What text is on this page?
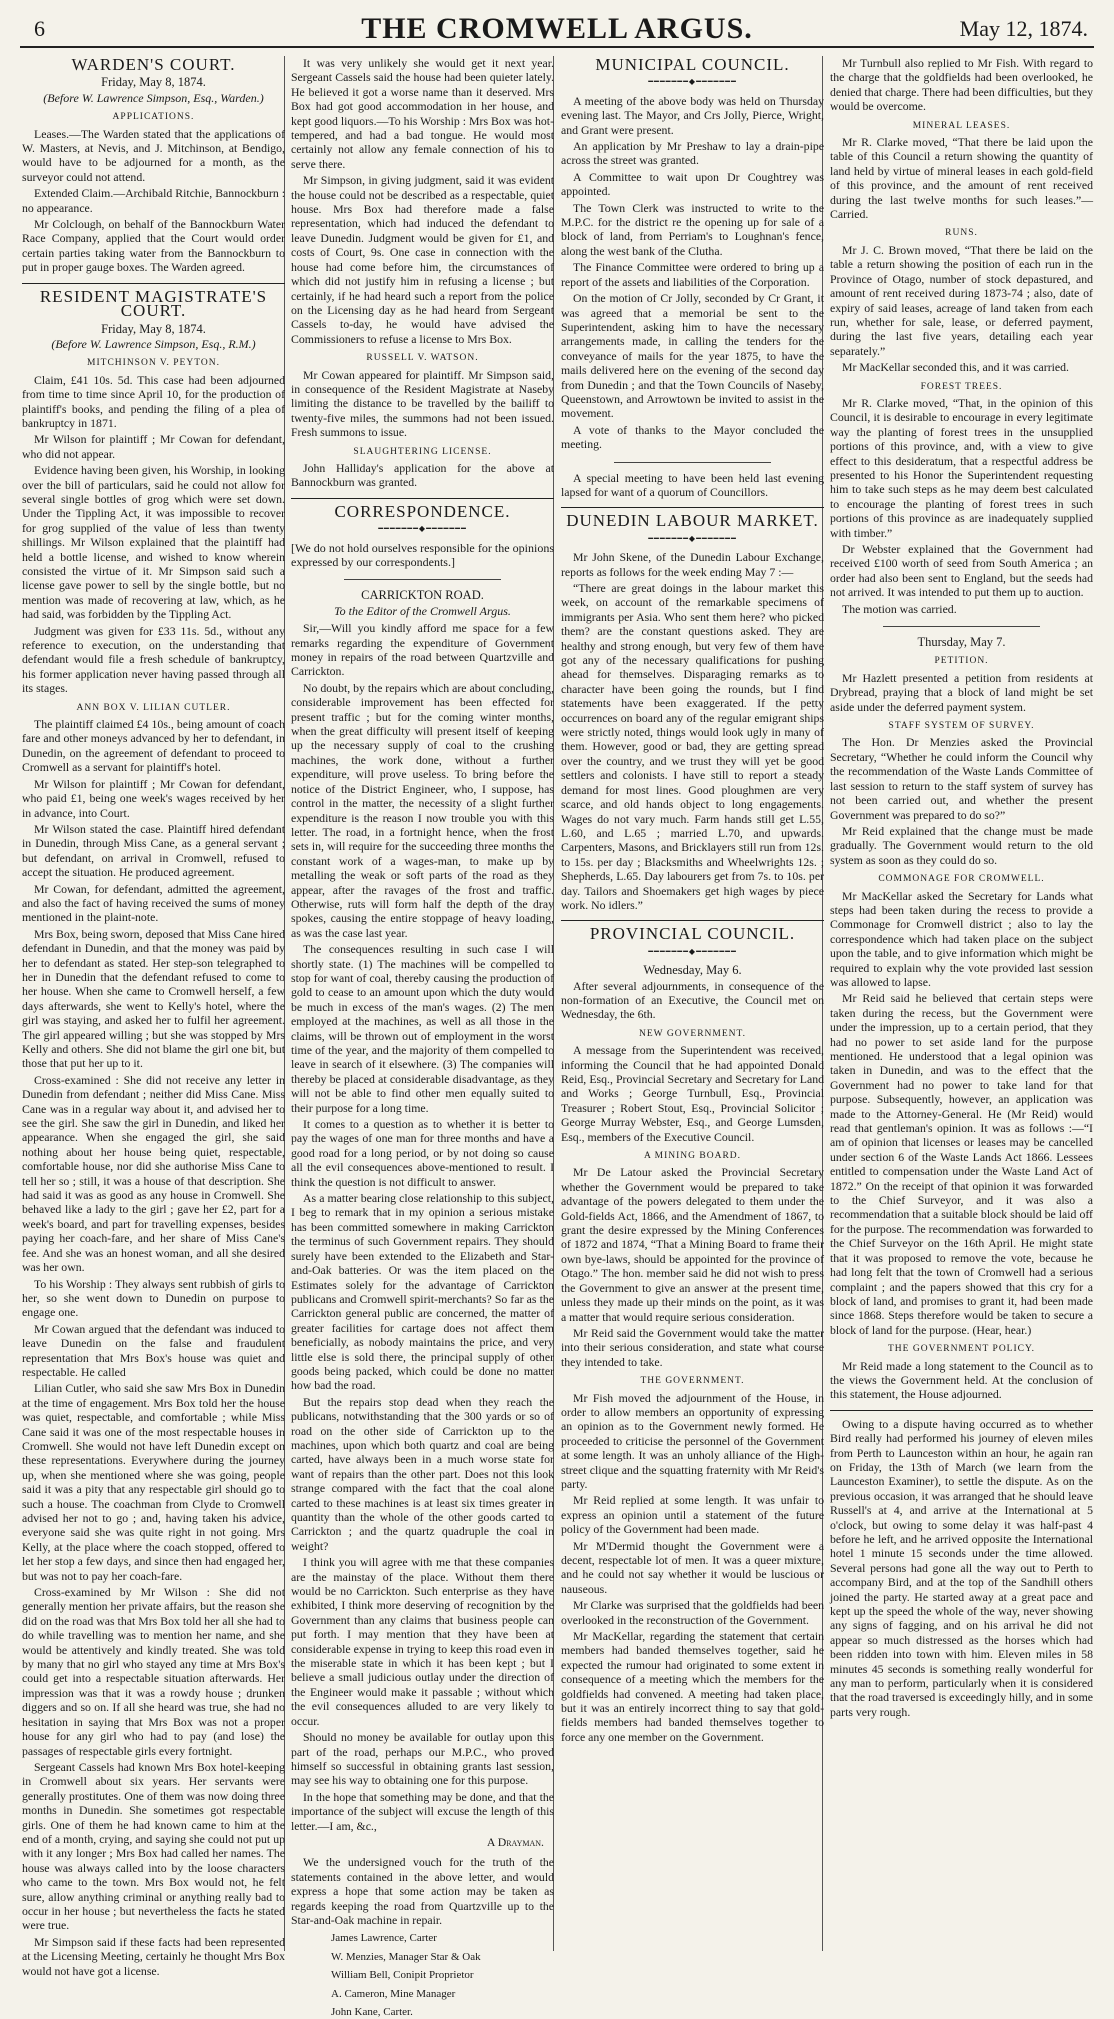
6	THE CROMWELL ARGUS.	May 12, 1874.
WARDEN'S COURT.
Friday, May 8, 1874.
(Before W. Lawrence Simpson, Esq., Warden.)
APPLICATIONS.

Leases.—The Warden stated that the applications of W. Masters, at Nevis, and J. Mitchinson, at Bendigo, would have to be adjourned for a month, as the surveyor could not attend.

Extended Claim.—Archibald Ritchie, Bannockburn : no appearance.

Mr Colclough, on behalf of the Bannockburn Water Race Company, applied that the Court would order certain parties taking water from the Bannockburn to put in proper gauge boxes. The Warden agreed.

RESIDENT MAGISTRATE'S COURT.
Friday, May 8, 1874.
(Before W. Lawrence Simpson, Esq., R.M.)
MITCHINSON V. PEYTON.

Claim, £41 10s. 5d. This case had been adjourned from time to time since April 10, for the production of plaintiff's books, and pending the filing of a plea of bankruptcy in 1871.

Mr Wilson for plaintiff ; Mr Cowan for defendant, who did not appear.

Evidence having been given, his Worship, in looking over the bill of particulars, said he could not allow for several single bottles of grog which were set down. Under the Tippling Act, it was impossible to recover for grog supplied of the value of less than twenty shillings. Mr Wilson explained that the plaintiff had held a bottle license, and wished to know wherein consisted the virtue of it. Mr Simpson said such a license gave power to sell by the single bottle, but no mention was made of recovering at law, which, as he had said, was forbidden by the Tippling Act.

Judgment was given for £33 11s. 5d., without any reference to execution, on the understanding that defendant would file a fresh schedule of bankruptcy, his former application never having passed through all its stages.

ANN BOX V. LILIAN CUTLER.

The plaintiff claimed £4 10s., being amount of coach fare and other moneys advanced by her to defendant, in Dunedin, on the agreement of defendant to proceed to Cromwell as a servant for plaintiff's hotel.

Mr Wilson for plaintiff ; Mr Cowan for defendant, who paid £1, being one week's wages received by her in advance, into Court.

Mr Wilson stated the case. Plaintiff hired defendant in Dunedin, through Miss Cane, as a general servant ; but defendant, on arrival in Cromwell, refused to accept the situation. He produced agreement.

Mr Cowan, for defendant, admitted the agreement, and also the fact of having received the sums of money mentioned in the plaint-note.

Mrs Box, being sworn, deposed that Miss Cane hired defendant in Dunedin, and that the money was paid by her to defendant as stated. Her step-son telegraphed to her in Dunedin that the defendant refused to come to her house. When she came to Cromwell herself, a few days afterwards, she went to Kelly's hotel, where the girl was staying, and asked her to fulfil her agreement. The girl appeared willing ; but she was stopped by Mrs Kelly and others. She did not blame the girl one bit, but those that put her up to it.

Cross-examined : She did not receive any letter in Dunedin from defendant ; neither did Miss Cane. Miss Cane was in a regular way about it, and advised her to see the girl. She saw the girl in Dunedin, and liked her appearance. When she engaged the girl, she said nothing about her house being quiet, respectable, comfortable house, nor did she authorise Miss Cane to tell her so ; still, it was a house of that description. She had said it was as good as any house in Cromwell. She behaved like a lady to the girl ; gave her £2, part for a week's board, and part for travelling expenses, besides paying her coach-fare, and her share of Miss Cane's fee. And she was an honest woman, and all she desired was her own.

To his Worship : They always sent rubbish of girls to her, so she went down to Dunedin on purpose to engage one.

Mr Cowan argued that the defendant was induced to leave Dunedin on the false and fraudulent representation that Mrs Box's house was quiet and respectable. He called

Lilian Cutler, who said she saw Mrs Box in Dunedin at the time of engagement. Mrs Box told her the house was quiet, respectable, and comfortable ; while Miss Cane said it was one of the most respectable houses in Cromwell. She would not have left Dunedin except on these representations. Everywhere during the journey up, when she mentioned where she was going, people said it was a pity that any respectable girl should go to such a house. The coachman from Clyde to Cromwell advised her not to go ; and, having taken his advice, everyone said she was quite right in not going. Mrs Kelly, at the place where the coach stopped, offered to let her stop a few days, and since then had engaged her, but was not to pay her coach-fare.

Cross-examined by Mr Wilson : She did not generally mention her private affairs, but the reason she did on the road was that Mrs Box told her all she had to do while travelling was to mention her name, and she would be attentively and kindly treated. She was told by many that no girl who stayed any time at Mrs Box's could get into a respectable situation afterwards. Her impression was that it was a rowdy house ; drunken diggers and so on. If all she heard was true, she had no hesitation in saying that Mrs Box was not a proper house for any girl who had to pay (and lose) the passages of respectable girls every fortnight.

Sergeant Cassels had known Mrs Box hotel-keeping in Cromwell about six years. Her servants were generally prostitutes. One of them was now doing three months in Dunedin. She sometimes got respectable girls. One of them he had known came to him at the end of a month, crying, and saying she could not put up with it any longer ; Mrs Box had called her names. The house was always called into by the loose characters who came to the town. Mrs Box would not, he felt sure, allow anything criminal or anything really bad to occur in her house ; but nevertheless the facts he stated were true.

Mr Simpson said if these facts had been represented at the Licensing Meeting, certainly he thought Mrs Box would not have got a license.

It was very unlikely she would get it next year. Sergeant Cassels said the house had been quieter lately. He believed it got a worse name than it deserved. Mrs Box had got good accommodation in her house, and kept good liquors.—To his Worship : Mrs Box was hot-tempered, and had a bad tongue. He would most certainly not allow any female connection of his to serve there.

Mr Simpson, in giving judgment, said it was evident the house could not be described as a respectable, quiet house. Mrs Box had therefore made a false representation, which had induced the defendant to leave Dunedin. Judgment would be given for £1, and costs of Court, 9s. One case in connection with the house had come before him, the circumstances of which did not justify him in refusing a license ; but certainly, if he had heard such a report from the police on the Licensing day as he had heard from Sergeant Cassels to-day, he would have advised the Commissioners to refuse a license to Mrs Box.

RUSSELL V. WATSON.

Mr Cowan appeared for plaintiff. Mr Simpson said, in consequence of the Resident Magistrate at Naseby limiting the distance to be travelled by the bailiff to twenty-five miles, the summons had not been issued. Fresh summons to issue.

SLAUGHTERING LICENSE.

John Halliday's application for the above at Bannockburn was granted.

CORRESPONDENCE.
━━━━━━━◆━━━━━━━

[We do not hold ourselves responsible for the opinions expressed by our correspondents.]

CARRICKTON ROAD.
To the Editor of the Cromwell Argus.

Sir,—Will you kindly afford me space for a few remarks regarding the expenditure of Government money in repairs of the road between Quartzville and Carrickton.

No doubt, by the repairs which are about concluding, considerable improvement has been effected for present traffic ; but for the coming winter months, when the great difficulty will present itself of keeping up the necessary supply of coal to the crushing machines, the work done, without a further expenditure, will prove useless. To bring before the notice of the District Engineer, who, I suppose, has control in the matter, the necessity of a slight further expenditure is the reason I now trouble you with this letter. The road, in a fortnight hence, when the frost sets in, will require for the succeeding three months the constant work of a wages-man, to make up by metalling the weak or soft parts of the road as they appear, after the ravages of the frost and traffic. Otherwise, ruts will form half the depth of the dray spokes, causing the entire stoppage of heavy loading, as was the case last year.

The consequences resulting in such case I will shortly state. (1) The machines will be compelled to stop for want of coal, thereby causing the production of gold to cease to an amount upon which the duty would be much in excess of the man's wages. (2) The men employed at the machines, as well as all those in the claims, will be thrown out of employment in the worst time of the year, and the majority of them compelled to leave in search of it elsewhere. (3) The companies will thereby be placed at considerable disadvantage, as they will not be able to find other men equally suited to their purpose for a long time.

It comes to a question as to whether it is better to pay the wages of one man for three months and have a good road for a long period, or by not doing so cause all the evil consequences above-mentioned to result. I think the question is not difficult to answer.

As a matter bearing close relationship to this subject, I beg to remark that in my opinion a serious mistake has been committed somewhere in making Carrickton the terminus of such Government repairs. They should surely have been extended to the Elizabeth and Star-and-Oak batteries. Or was the item placed on the Estimates solely for the advantage of Carrickton publicans and Cromwell spirit-merchants? So far as the Carrickton general public are concerned, the matter of greater facilities for cartage does not affect them beneficially, as nobody maintains the price, and very little else is sold there, the principal supply of other goods being packed, which could be done no matter how bad the road.

But the repairs stop dead when they reach the publicans, notwithstanding that the 300 yards or so of road on the other side of Carrickton up to the machines, upon which both quartz and coal are being carted, have always been in a much worse state for want of repairs than the other part. Does not this look strange compared with the fact that the coal alone carted to these machines is at least six times greater in quantity than the whole of the other goods carted to Carrickton ; and the quartz quadruple the coal in weight?

I think you will agree with me that these companies are the mainstay of the place. Without them there would be no Carrickton. Such enterprise as they have exhibited, I think more deserving of recognition by the Government than any claims that business people can put forth. I may mention that they have been at considerable expense in trying to keep this road even in the miserable state in which it has been kept ; but I believe a small judicious outlay under the direction of the Engineer would make it passable ; without which the evil consequences alluded to are very likely to occur.

Should no money be available for outlay upon this part of the road, perhaps our M.P.C., who proved himself so successful in obtaining grants last session, may see his way to obtaining one for this purpose.

In the hope that something may be done, and that the importance of the subject will excuse the length of this letter.—I am, &c.,

A Drayman.

We the undersigned vouch for the truth of the statements contained in the above letter, and would express a hope that some action may be taken as regards keeping the road from Quartzville up to the Star-and-Oak machine in repair.

James Lawrence, Carter
W. Menzies, Manager Star & Oak
William Bell, Conipit Proprietor
A. Cameron, Mine Manager
John Kane, Carter.
MUNICIPAL COUNCIL.
━━━━━━━◆━━━━━━━

A meeting of the above body was held on Thursday evening last. The Mayor, and Crs Jolly, Pierce, Wright, and Grant were present.

An application by Mr Preshaw to lay a drain-pipe across the street was granted.

A Committee to wait upon Dr Coughtrey was appointed.

The Town Clerk was instructed to write to the M.P.C. for the district re the opening up for sale of a block of land, from Perriam's to Loughnan's fence, along the west bank of the Clutha.

The Finance Committee were ordered to bring up a report of the assets and liabilities of the Corporation.

On the motion of Cr Jolly, seconded by Cr Grant, it was agreed that a memorial be sent to the Superintendent, asking him to have the necessary arrangements made, in calling the tenders for the conveyance of mails for the year 1875, to have the mails delivered here on the evening of the second day from Dunedin ; and that the Town Councils of Naseby, Queenstown, and Arrowtown be invited to assist in the movement.

A vote of thanks to the Mayor concluded the meeting.

A special meeting to have been held last evening lapsed for want of a quorum of Councillors.

DUNEDIN LABOUR MARKET.
━━━━━━━◆━━━━━━━

Mr John Skene, of the Dunedin Labour Exchange, reports as follows for the week ending May 7 :—

“There are great doings in the labour market this week, on account of the remarkable specimens of immigrants per Asia. Who sent them here? who picked them? are the constant questions asked. They are healthy and strong enough, but very few of them have got any of the necessary qualifications for pushing ahead for themselves. Disparaging remarks as to character have been going the rounds, but I find statements have been exaggerated. If the petty occurrences on board any of the regular emigrant ships were strictly noted, things would look ugly in many of them. However, good or bad, they are getting spread over the country, and we trust they will yet be good settlers and colonists. I have still to report a steady demand for most lines. Good ploughmen are very scarce, and old hands object to long engagements. Wages do not vary much. Farm hands still get L.55, L.60, and L.65 ; married L.70, and upwards. Carpenters, Masons, and Bricklayers still run from 12s. to 15s. per day ; Blacksmiths and Wheelwrights 12s. ; Shepherds, L.65. Day labourers get from 7s. to 10s. per day. Tailors and Shoemakers get high wages by piece work. No idlers.”

PROVINCIAL COUNCIL.
━━━━━━━◆━━━━━━━
Wednesday, May 6.

After several adjournments, in consequence of the non-formation of an Executive, the Council met on Wednesday, the 6th.

NEW GOVERNMENT.

A message from the Superintendent was received, informing the Council that he had appointed Donald Reid, Esq., Provincial Secretary and Secretary for Land and Works ; George Turnbull, Esq., Provincial Treasurer ; Robert Stout, Esq., Provincial Solicitor ; George Murray Webster, Esq., and George Lumsden, Esq., members of the Executive Council.

A MINING BOARD.

Mr De Latour asked the Provincial Secretary whether the Government would be prepared to take advantage of the powers delegated to them under the Gold-fields Act, 1866, and the Amendment of 1867, to grant the desire expressed by the Mining Conferences of 1872 and 1874, “That a Mining Board to frame their own bye-laws, should be appointed for the province of Otago.” The hon. member said he did not wish to press the Government to give an answer at the present time, unless they made up their minds on the point, as it was a matter that would require serious consideration.

Mr Reid said the Government would take the matter into their serious consideration, and state what course they intended to take.

THE GOVERNMENT.

Mr Fish moved the adjournment of the House, in order to allow members an opportunity of expressing an opinion as to the Government newly formed. He proceeded to criticise the personnel of the Government at some length. It was an unholy alliance of the High-street clique and the squatting fraternity with Mr Reid's party.

Mr Reid replied at some length. It was unfair to express an opinion until a statement of the future policy of the Government had been made.

Mr M'Dermid thought the Government were a decent, respectable lot of men. It was a queer mixture, and he could not say whether it would be luscious or nauseous.

Mr Clarke was surprised that the goldfields had been overlooked in the reconstruction of the Government.

Mr MacKellar, regarding the statement that certain members had banded themselves together, said he expected the rumour had originated to some extent in consequence of a meeting which the members for the goldfields had convened. A meeting had taken place, but it was an entirely incorrect thing to say that gold-fields members had banded themselves together to force any one member on the Government.

Mr Turnbull also replied to Mr Fish. With regard to the charge that the goldfields had been overlooked, he denied that charge. There had been difficulties, but they would be overcome.

MINERAL LEASES.

Mr R. Clarke moved, “That there be laid upon the table of this Council a return showing the quantity of land held by virtue of mineral leases in each gold-field of this province, and the amount of rent received during the last twelve months for such leases.”—Carried.

RUNS.

Mr J. C. Brown moved, “That there be laid on the table a return showing the position of each run in the Province of Otago, number of stock depastured, and amount of rent received during 1873-74 ; also, date of expiry of said leases, acreage of land taken from each run, whether for sale, lease, or deferred payment, during the last five years, detailing each year separately.”

Mr MacKellar seconded this, and it was carried.

FOREST TREES.

Mr R. Clarke moved, “That, in the opinion of this Council, it is desirable to encourage in every legitimate way the planting of forest trees in the unsupplied portions of this province, and, with a view to give effect to this desideratum, that a respectful address be presented to his Honor the Superintendent requesting him to take such steps as he may deem best calculated to encourage the planting of forest trees in such portions of this province as are inadequately supplied with timber.”

Dr Webster explained that the Government had received £100 worth of seed from South America ; an order had also been sent to England, but the seeds had not arrived. It was intended to put them up to auction.

The motion was carried.

Thursday, May 7.
PETITION.

Mr Hazlett presented a petition from residents at Drybread, praying that a block of land might be set aside under the deferred payment system.

STAFF SYSTEM OF SURVEY.

The Hon. Dr Menzies asked the Provincial Secretary, “Whether he could inform the Council why the recommendation of the Waste Lands Committee of last session to return to the staff system of survey has not been carried out, and whether the present Government was prepared to do so?”

Mr Reid explained that the change must be made gradually. The Government would return to the old system as soon as they could do so.

COMMONAGE FOR CROMWELL.

Mr MacKellar asked the Secretary for Lands what steps had been taken during the recess to provide a Commonage for Cromwell district ; also to lay the correspondence which had taken place on the subject upon the table, and to give information which might be required to explain why the vote provided last session was allowed to lapse.

Mr Reid said he believed that certain steps were taken during the recess, but the Government were under the impression, up to a certain period, that they had no power to set aside land for the purpose mentioned. He understood that a legal opinion was taken in Dunedin, and was to the effect that the Government had no power to take land for that purpose. Subsequently, however, an application was made to the Attorney-General. He (Mr Reid) would read that gentleman's opinion. It was as follows :—“I am of opinion that licenses or leases may be cancelled under section 6 of the Waste Lands Act 1866. Lessees entitled to compensation under the Waste Land Act of 1872.” On the receipt of that opinion it was forwarded to the Chief Surveyor, and it was also a recommendation that a suitable block should be laid off for the purpose. The recommendation was forwarded to the Chief Surveyor on the 16th April. He might state that it was proposed to remove the vote, because he had long felt that the town of Cromwell had a serious complaint ; and the papers showed that this cry for a block of land, and promises to grant it, had been made since 1868. Steps therefore would be taken to secure a block of land for the purpose. (Hear, hear.)

THE GOVERNMENT POLICY.

Mr Reid made a long statement to the Council as to the views the Government held. At the conclusion of this statement, the House adjourned.

Owing to a dispute having occurred as to whether Bird really had performed his journey of eleven miles from Perth to Launceston within an hour, he again ran on Friday, the 13th of March (we learn from the Launceston Examiner), to settle the dispute. As on the previous occasion, it was arranged that he should leave Russell's at 4, and arrive at the International at 5 o'clock, but owing to some delay it was half-past 4 before he left, and he arrived opposite the International hotel 1 minute 15 seconds under the time allowed. Several persons had gone all the way out to Perth to accompany Bird, and at the top of the Sandhill others joined the party. He started away at a great pace and kept up the speed the whole of the way, never showing any signs of fagging, and on his arrival he did not appear so much distressed as the horses which had been ridden into town with him. Eleven miles in 58 minutes 45 seconds is something really wonderful for any man to perform, particularly when it is considered that the road traversed is exceedingly hilly, and in some parts very rough.
